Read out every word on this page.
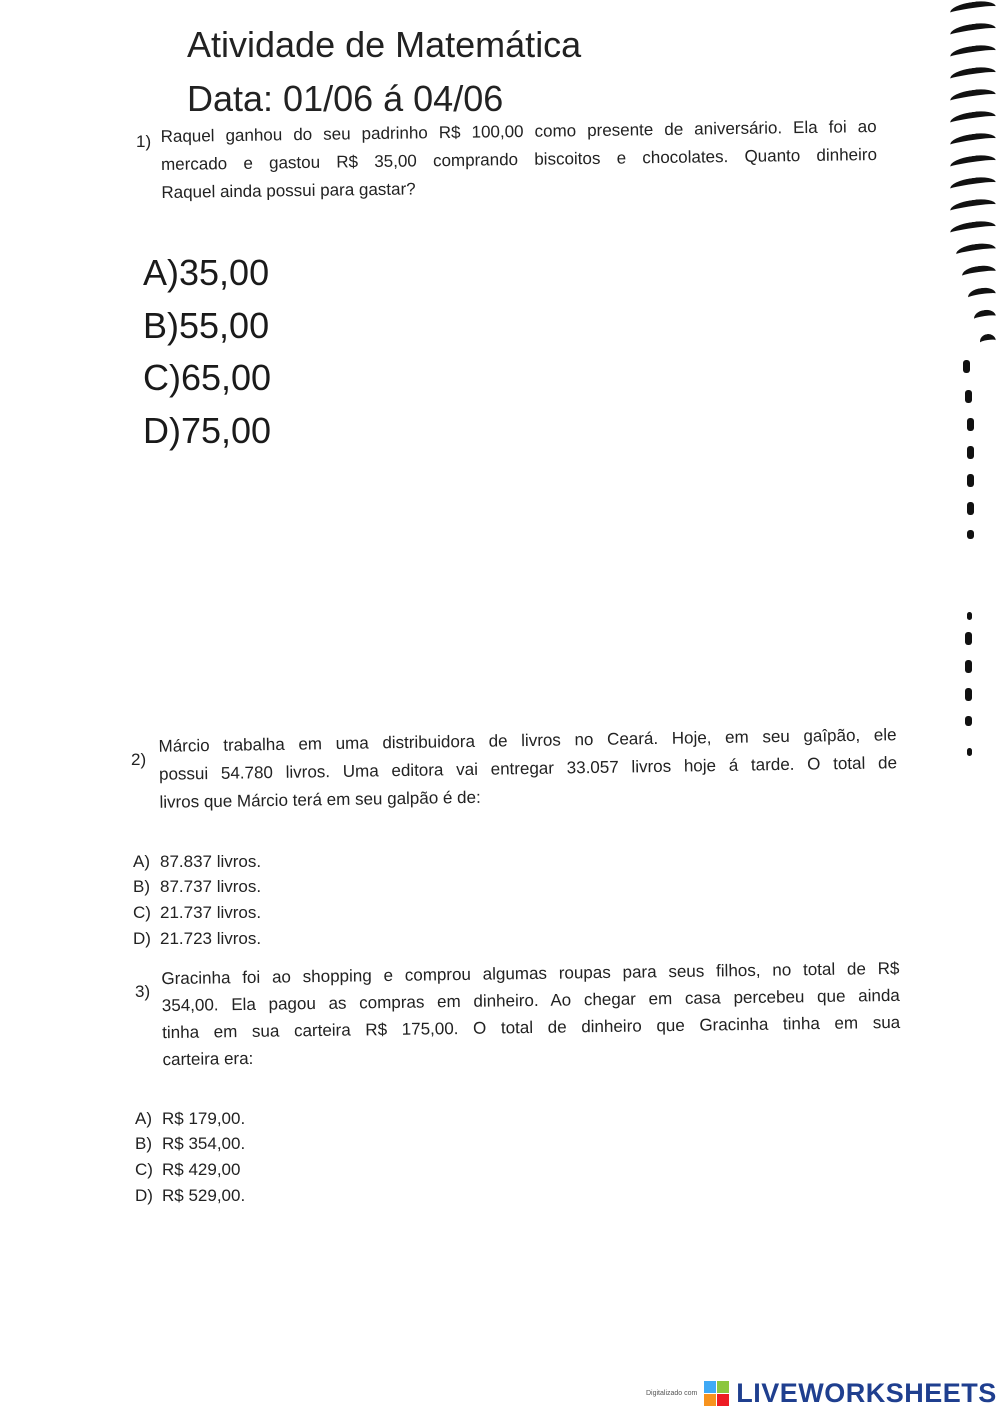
Atividade de Matemática
Data: 01/06 á 04/06
1) Raquel ganhou do seu padrinho R$ 100,00 como presente de aniversário. Ela foi ao
mercado e gastou R$ 35,00 comprando biscoitos e chocolates. Quanto dinheiro
Raquel ainda possui para gastar?
A)35,00
B)55,00
C)65,00
D)75,00
2)
Márcio trabalha em uma distribuidora de livros no Ceará. Hoje, em seu gaîpão, ele
possui 54.780 livros. Uma editora vai entregar 33.057 livros hoje á tarde. O total de
livros que Márcio terá em seu galpão é de:
A) 87.837 livros.
B) 87.737 livros.
C) 21.737 livros.
D) 21.723 livros.
3)
Gracinha foi ao shopping e comprou algumas roupas para seus filhos, no total de R$
354,00. Ela pagou as compras em dinheiro. Ao chegar em casa percebeu que ainda
tinha em sua carteira R$ 175,00. O total de dinheiro que Gracinha tinha em sua
carteira era:
A) R$ 179,00.
B) R$ 354,00.
C) R$ 429,00
D) R$ 529,00.
Digitalizado com LIVEWORKSHEETS
